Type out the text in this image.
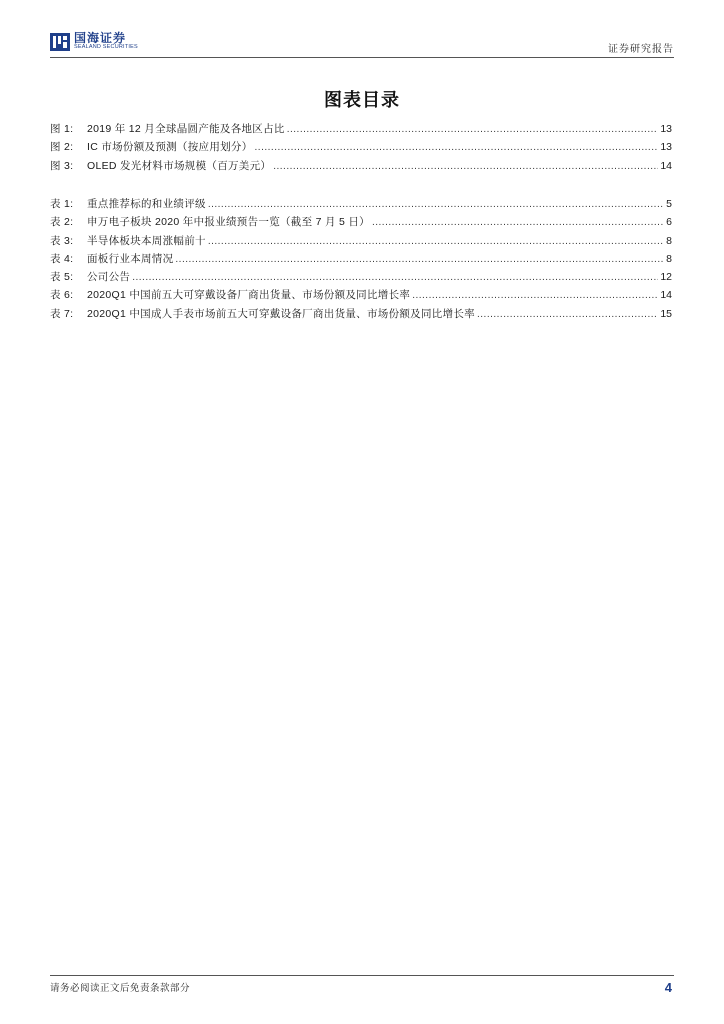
国海证券
SEALAND SECURITIES	证券研究报告
图表目录
图 1:	2019 年 12 月全球晶圆产能及各地区占比 .....	13
图 2:	IC 市场份额及预测（按应用划分） .....	13
图 3:	OLED 发光材料市场规模（百万美元） .....	14
表 1:	重点推荐标的和业绩评级 .....	5
表 2:	申万电子板块 2020 年中报业绩预告一览（截至 7 月 5 日） .....	6
表 3:	半导体板块本周涨幅前十 .....	8
表 4:	面板行业本周情况 .....	8
表 5:	公司公告 .....	12
表 6:	2020Q1 中国前五大可穿戴设备厂商出货量、市场份额及同比增长率 .....	14
表 7:	2020Q1 中国成人手表市场前五大可穿戴设备厂商出货量、市场份额及同比增长率 .....	15
请务必阅读正文后免责条款部分	4
